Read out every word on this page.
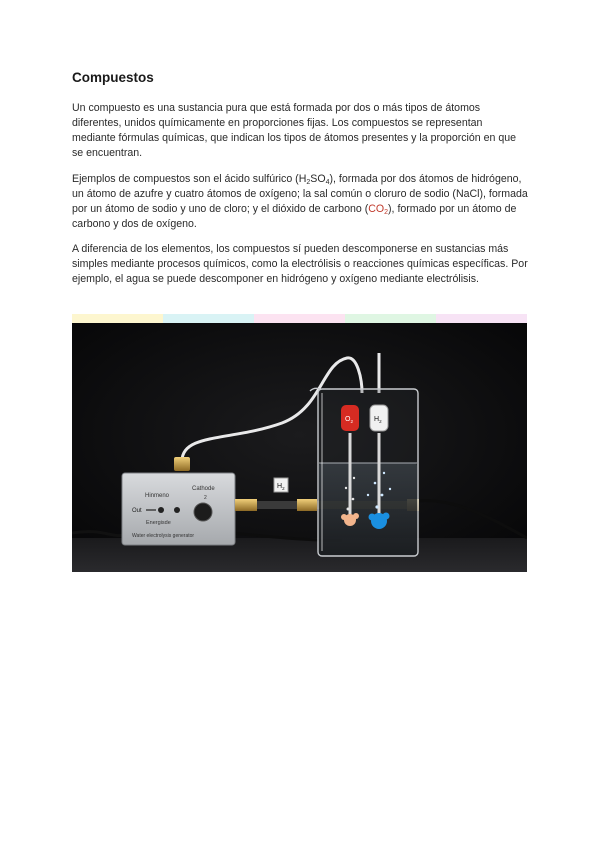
Compuestos

Un compuesto es una sustancia pura que está formada por dos o más tipos de átomos diferentes, unidos químicamente en proporciones fijas. Los compuestos se representan mediante fórmulas químicas, que indican los tipos de átomos presentes y la proporción en que se encuentran.

Ejemplos de compuestos son el ácido sulfúrico $(H_2SO_4)$, formada por dos átomos de hidrógeno, un átomo de azufre y cuatro átomos de oxígeno; la sal común o cloruro de sodio (NaCl), formada por un átomo de sodio y uno de cloro; y el dióxido de carbono $(CO_2)$, formado por un átomo de carbono y dos de oxígeno.

A diferencia de los elementos, los compuestos sí pueden descomponerse en sustancias más simples mediante procesos químicos, como la electrólisis o reacciones químicas específicas. Por ejemplo, el agua se puede descomponer en hidrógeno y oxígeno mediante electrólisis.

Hinmeno
Cathode
2
Out
Energisde
Water electrolysis generator
$H_2$
$O_2$	$H_2$
